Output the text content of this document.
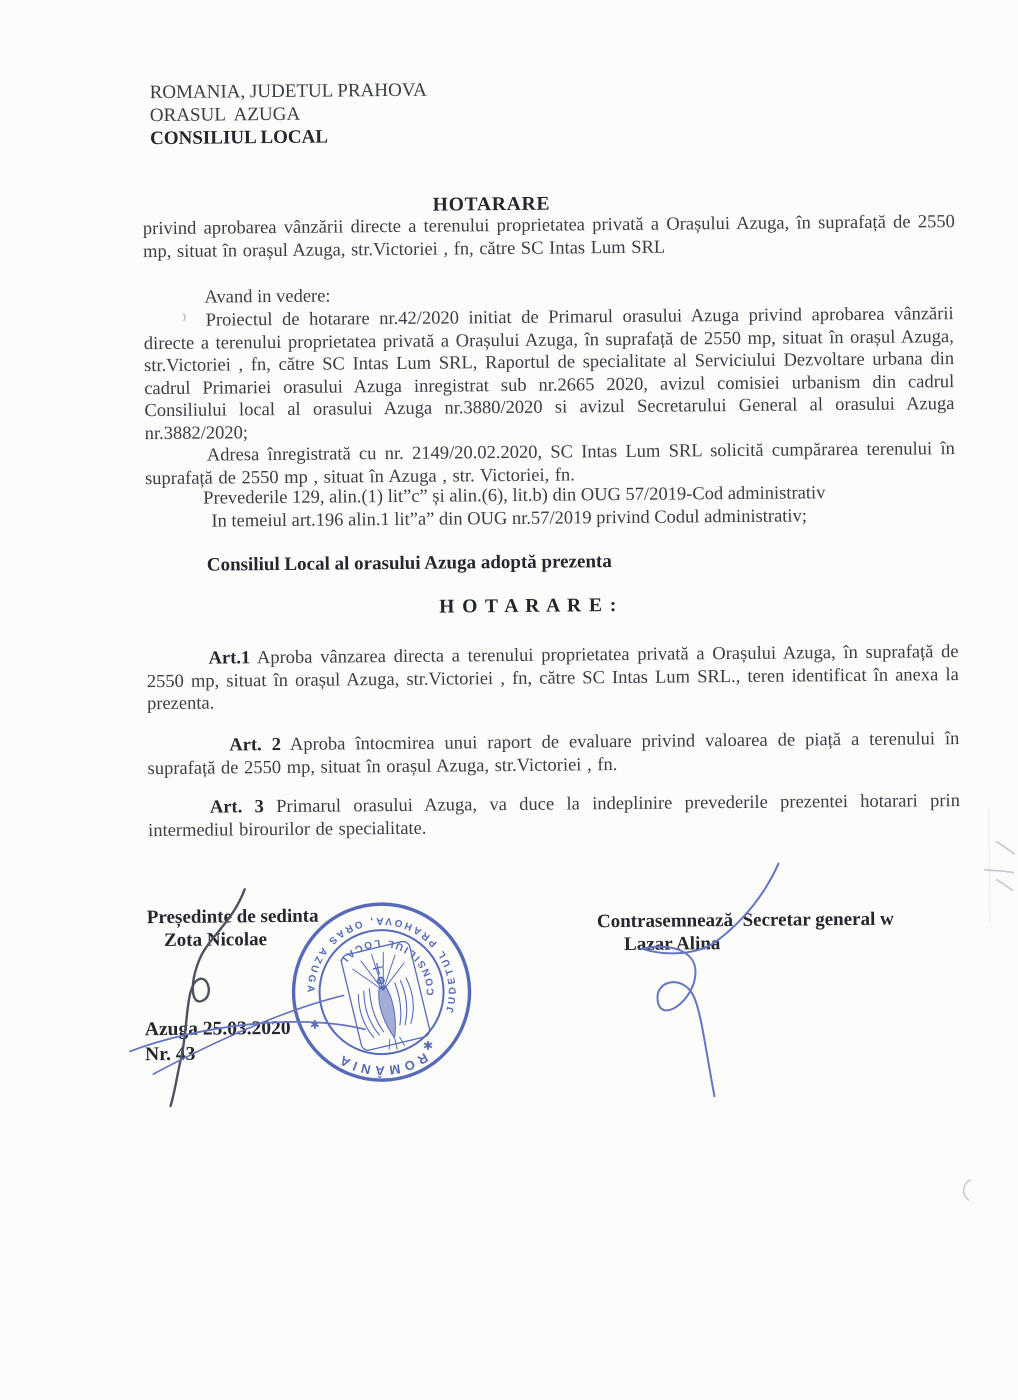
ROMANIA, JUDETUL PRAHOVA
ORASUL  AZUGA
CONSILIUL LOCAL
HOTARARE
privind aprobarea vânzării directe a terenului proprietatea privată a Orașului Azuga, în suprafață de 2550 mp, situat în orașul Azuga, str.Victoriei , fn, către SC Intas Lum SRL
Avand in vedere:
Proiectul de hotarare nr.42/2020 initiat de Primarul orasului Azuga privind aprobarea vânzării directe a terenului proprietatea privată a Orașului Azuga, în suprafață de 2550 mp, situat în orașul Azuga, str.Victoriei , fn, către SC Intas Lum SRL, Raportul de specialitate al Serviciului Dezvoltare urbana din cadrul Primariei orasului Azuga inregistrat sub nr.2665 2020, avizul comisiei urbanism din cadrul Consiliului local al orasului Azuga nr.3880/2020 si avizul Secretarului General al orasului Azuga nr.3882/2020;
Adresa înregistrată cu nr. 2149/20.02.2020, SC Intas Lum SRL solicită cumpărarea terenului în suprafață de 2550 mp , situat în Azuga , str. Victoriei, fn.
Prevederile 129, alin.(1) lit”c” și alin.(6), lit.b) din OUG 57/2019-Cod administrativ
In temeiul art.196 alin.1 lit”a” din OUG nr.57/2019 privind Codul administrativ;
Consiliul Local al orasului Azuga adoptă prezenta
H O T A R A R E :
Art.1 Aproba vânzarea directa a terenului proprietatea privată a Orașului Azuga, în suprafață de 2550 mp, situat în orașul Azuga, str.Victoriei , fn, către SC Intas Lum SRL., teren identificat în anexa la prezenta.
Art. 2 Aproba întocmirea unui raport de evaluare privind valoarea de piață a terenului în suprafață de 2550 mp, situat în orașul Azuga, str.Victoriei , fn.
Art. 3 Primarul orasului Azuga, va duce la indeplinire prevederile prezentei hotarari prin intermediul birourilor de specialitate.
Președinte de sedinta
Zota Nicolae
Contrasemnează  Secretar general w
Lazar Alina
Azuga 25.03.2020
Nr. 43
JUDETUL PRAHOVA, ORAS AZUGA	CONSILIUL LOCAL
ROMÂNIA
✱
✱
